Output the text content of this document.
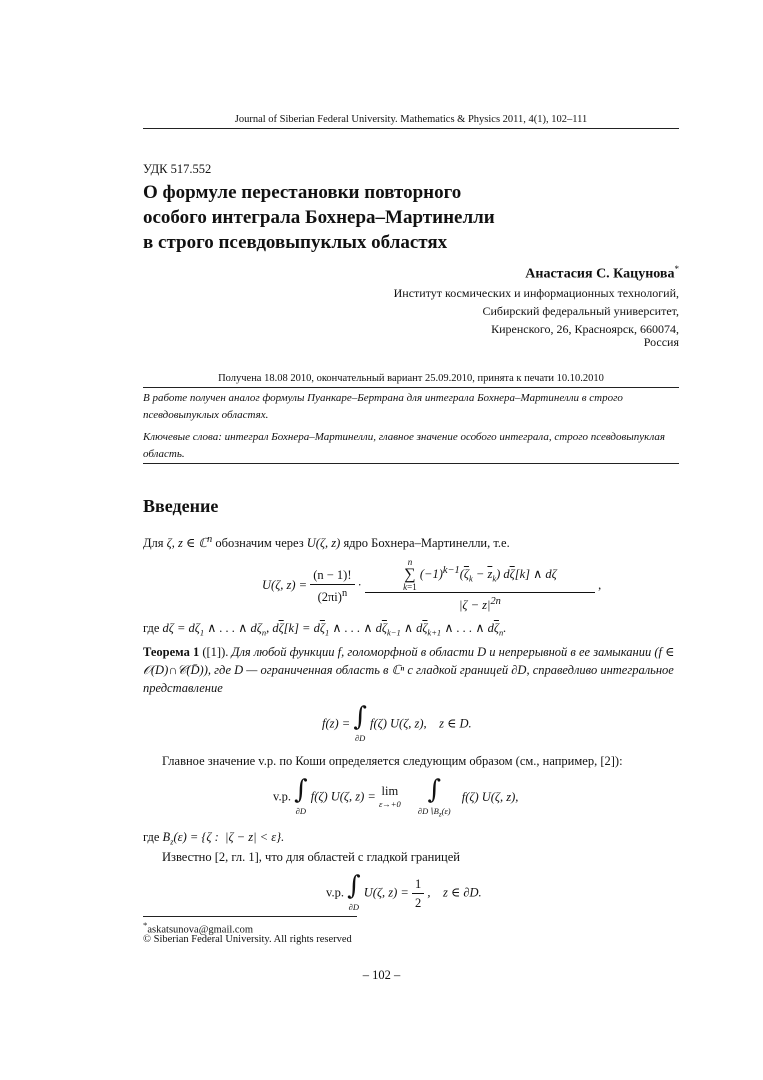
Journal of Siberian Federal University. Mathematics & Physics 2011, 4(1), 102–111
УДК 517.552
О формуле перестановки повторного
особого интеграла Бохнера–Мартинелли
в строго псевдовыпуклых областях
Анастасия С. Кацунова*
Институт космических и информационных технологий,
Сибирский федеральный университет,
Киренского, 26, Красноярск, 660074,
Россия
Получена 18.08 2010, окончательный вариант 25.09.2010, принята к печати 10.10.2010
В работе получен аналог формулы Пуанкаре–Бертрана для интеграла Бохнера–Мартинелли в строго псевдовыпуклых областях.
Ключевые слова: интеграл Бохнера–Мартинелли, главное значение особого интеграла, строго псевдовыпуклая область.
Введение
Для ζ, z ∈ ℂ$^n$ обозначим через U(ζ, z) ядро Бохнера–Мартинелли, т.е.
U(ζ, $z) = \frac{(n - 1)!}{(2\pi i)^n}$ ·
n
∑
k=1 $(-1)^{k-1}(\overline{\zeta}_k - \overline{z}_k)$ $d\overline{\zeta}[k]$ ∧ dζ
$|\zeta - z|^{2n}$
,
где $d\zeta = d\zeta_1$ ∧ . . . ∧ $d\zeta_n$, $d\overline{\zeta}[k] = d\overline{\zeta}_1$ ∧ . . . ∧ $d\overline{\zeta}_{k-1}$ ∧ $d\overline{\zeta}_{k+1}$ ∧ . . . ∧ $d\overline{\zeta}_n$.
Теорема 1 ([1]). Для любой функции f, голоморфной в области D и непрерывной в ее замыкании (f ∈ 𝒪(D)∩𝒞(D̄)), где D — ограниченная область в ℂⁿ с гладкой границей ∂D, справедливо интегральное представление
f(z) = ∫
∂D f(ζ) U(ζ, z),    z ∈ D.
Главное значение v.p. по Коши определяется следующим образом (см., например, [2]):
v.p. ∫
∂D f(ζ) U(ζ, z) = lim
ε→+0 ∫
$\partial D∖B_z(\varepsilon)$ f(ζ) U(ζ, z),
где $B_z(\varepsilon) = \{\zeta$ :  |ζ − z| < ε}.
Известно [2, гл. 1], что для областей с гладкой границей
v.p. ∫
∂D U(ζ, $z) = \frac{1}{2}$ ,    z ∈ ∂D.
*askatsunova@gmail.com
© Siberian Federal University. All rights reserved
– 102 –
